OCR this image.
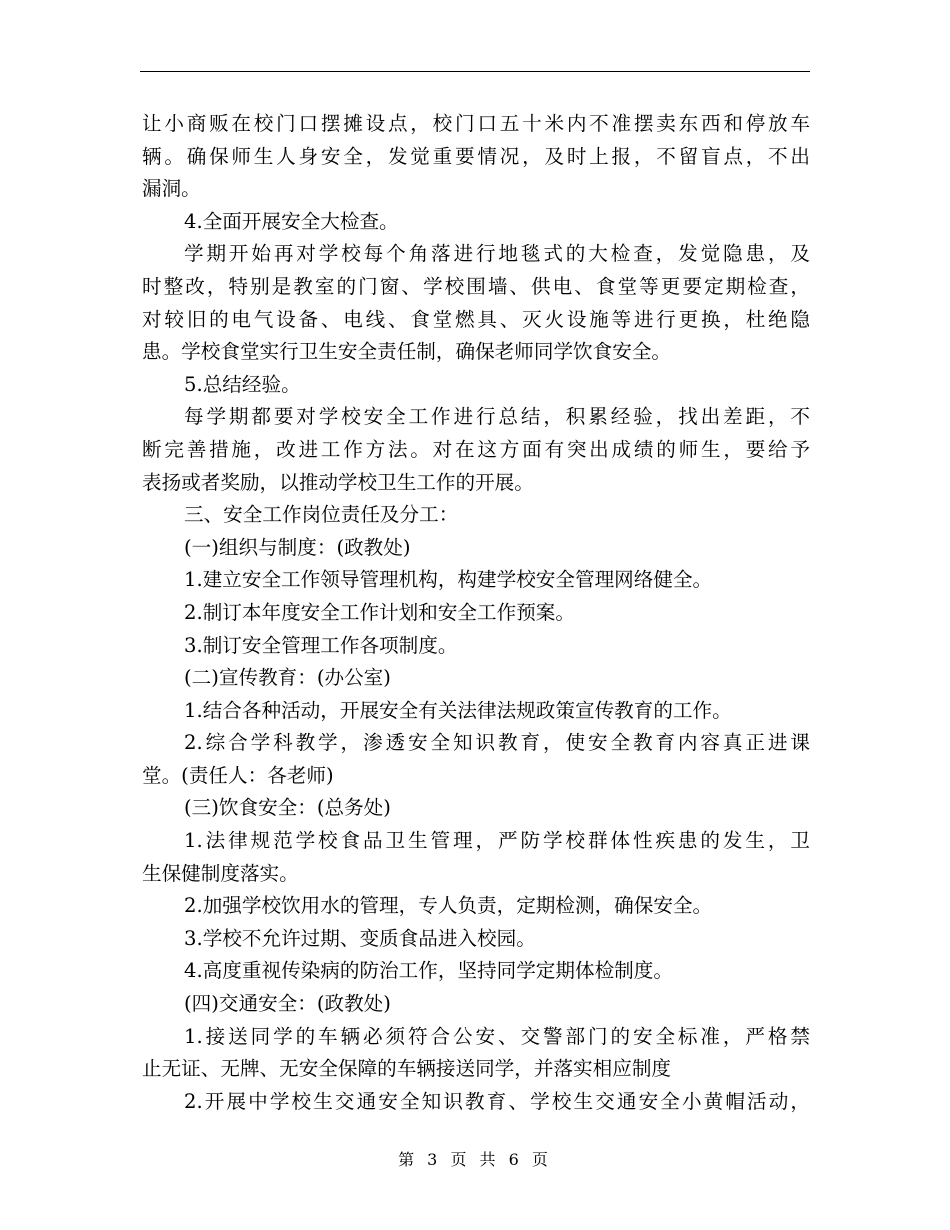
让小商贩在校门口摆摊设点，校门口五十米内不准摆卖东西和停放车
辆。确保师生人身安全，发觉重要情况，及时上报，不留盲点，不出
漏洞。
4.全面开展安全大检查。
学期开始再对学校每个角落进行地毯式的大检查，发觉隐患，及
时整改，特别是教室的门窗、学校围墙、供电、食堂等更要定期检查，
对较旧的电气设备、电线、食堂燃具、灭火设施等进行更换，杜绝隐
患。学校食堂实行卫生安全责任制，确保老师同学饮食安全。
5.总结经验。
每学期都要对学校安全工作进行总结，积累经验，找出差距，不
断完善措施，改进工作方法。对在这方面有突出成绩的师生，要给予
表扬或者奖励，以推动学校卫生工作的开展。
三、安全工作岗位责任及分工：
(一)组织与制度：(政教处)
1.建立安全工作领导管理机构，构建学校安全管理网络健全。
2.制订本年度安全工作计划和安全工作预案。
3.制订安全管理工作各项制度。
(二)宣传教育：(办公室)
1.结合各种活动，开展安全有关法律法规政策宣传教育的工作。
2.综合学科教学，渗透安全知识教育，使安全教育内容真正进课
堂。(责任人：各老师)
(三)饮食安全：(总务处)
1.法律规范学校食品卫生管理，严防学校群体性疾患的发生，卫
生保健制度落实。
2.加强学校饮用水的管理，专人负责，定期检测，确保安全。
3.学校不允许过期、变质食品进入校园。
4.高度重视传染病的防治工作，坚持同学定期体检制度。
(四)交通安全：(政教处)
1.接送同学的车辆必须符合公安、交警部门的安全标准，严格禁
止无证、无牌、无安全保障的车辆接送同学，并落实相应制度
2.开展中学校生交通安全知识教育、学校生交通安全小黄帽活动，
第 3 页 共 6 页
